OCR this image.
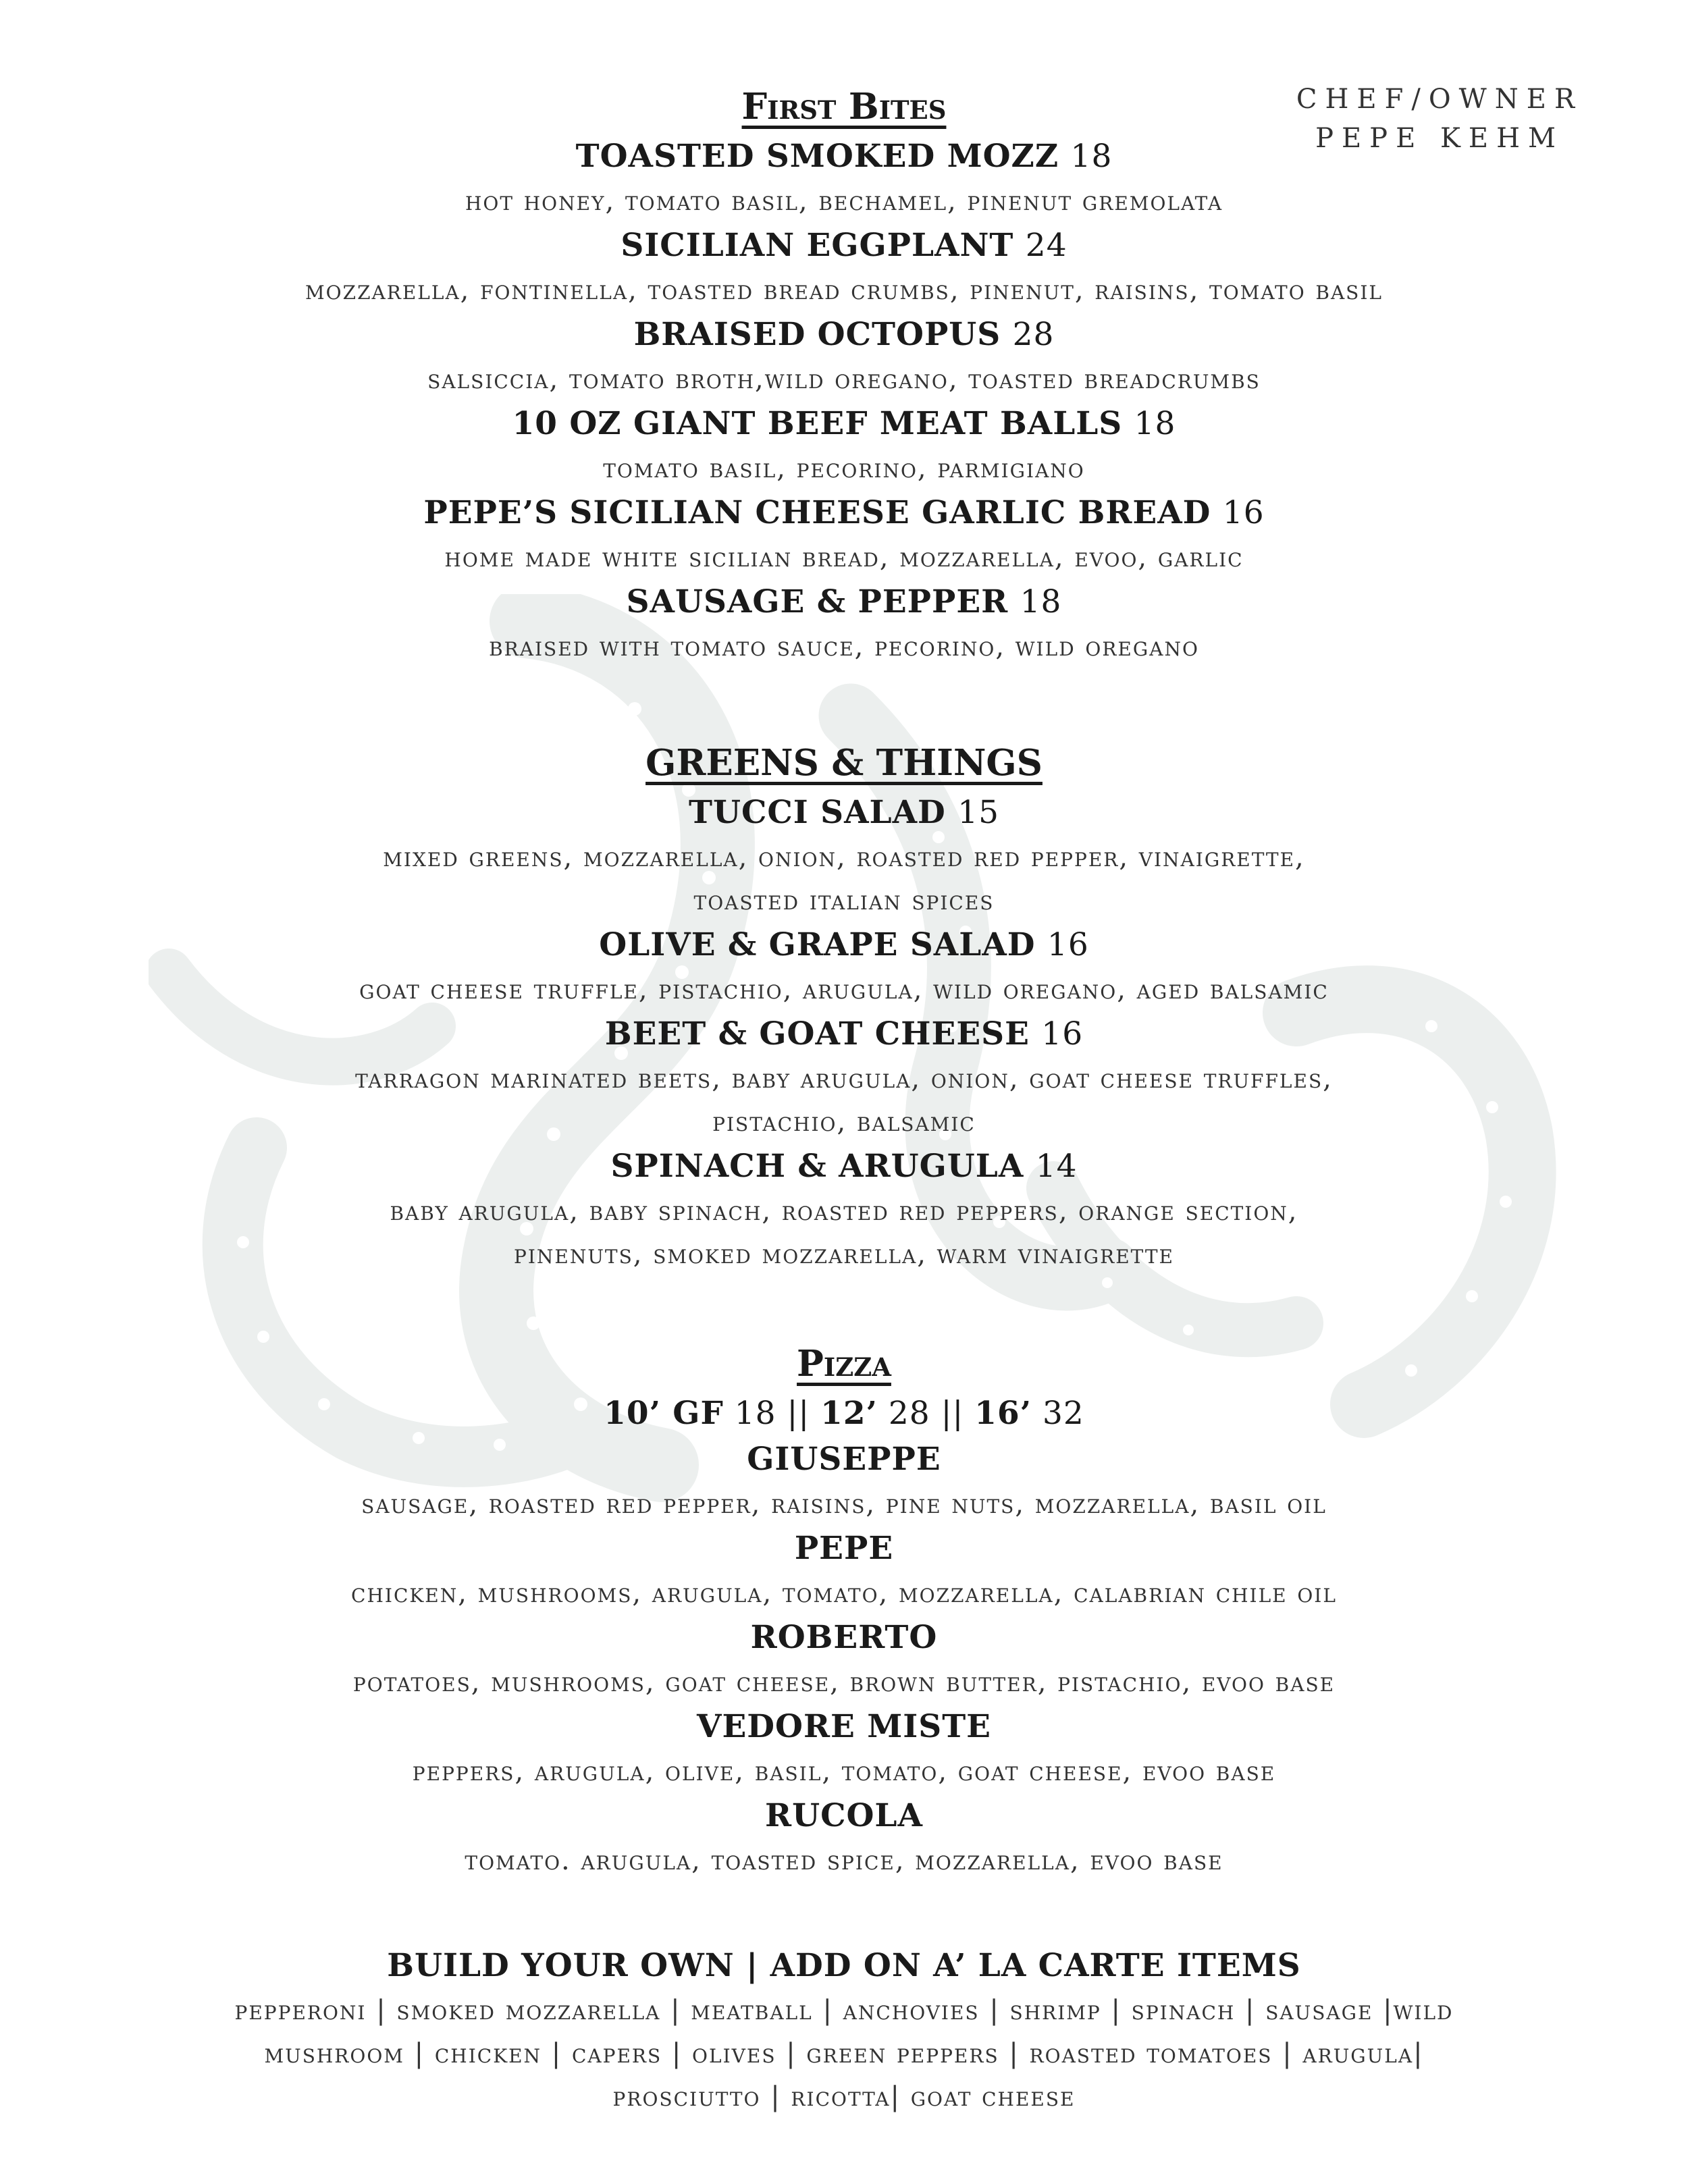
CHEF/OWNER
PEPE KEHM
First Bites

TOASTED SMOKED MOZZ 18

hot honey, tomato basil, bechamel, pinenut gremolata

SICILIAN EGGPLANT 24

mozzarella, fontinella, toasted bread crumbs, pinenut, raisins, tomato basil

BRAISED OCTOPUS 28

salsiccia, tomato broth,wild oregano, toasted breadcrumbs

10 OZ GIANT BEEF MEAT BALLS 18

tomato basil, pecorino, parmigiano

PEPE’S SICILIAN CHEESE GARLIC BREAD 16

home made white sicilian bread, mozzarella, evoo, garlic

SAUSAGE & PEPPER 18

braised with tomato sauce, pecorino, wild oregano

GREENS & THINGS

TUCCI SALAD 15

mixed greens, mozzarella, onion, roasted red pepper, vinaigrette,

toasted italian spices

OLIVE & GRAPE SALAD 16

goat cheese truffle, pistachio, arugula, wild oregano, aged balsamic

BEET & GOAT CHEESE 16

tarragon marinated beets, baby arugula, onion, goat cheese truffles,

pistachio, balsamic

SPINACH & ARUGULA 14

baby arugula, baby spinach, roasted red peppers, orange section,

pinenuts, smoked mozzarella, warm vinaigrette

Pizza

10’ GF 18 || 12’ 28 || 16’ 32

GIUSEPPE

sausage, roasted red pepper, raisins, pine nuts, mozzarella, basil oil

PEPE

chicken, mushrooms, arugula, tomato, mozzarella, calabrian chile oil

ROBERTO

potatoes, mushrooms, goat cheese, brown butter, pistachio, evoo base

VEDORE MISTE

peppers, arugula, olive, basil, tomato, goat cheese, evoo base

RUCOLA

tomato. arugula, toasted spice, mozzarella, evoo base

BUILD YOUR OWN | ADD ON A’ LA CARTE ITEMS

pepperoni | smoked mozzarella | meatball | anchovies | shrimp | spinach | sausage |wild

mushroom | chicken | capers | olives | green peppers | roasted tomatoes | arugula|

prosciutto | ricotta| goat cheese
